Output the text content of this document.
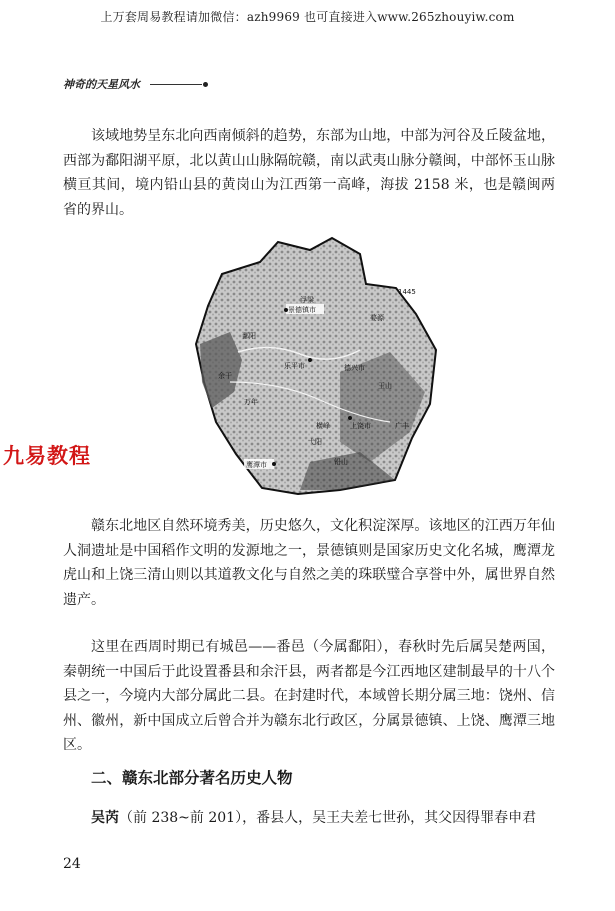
上万套周易教程请加微信：azh9969 也可直接进入www.265zhouyiw.com
神奇的天星风水

该域地势呈东北向西南倾斜的趋势，东部为山地，中部为河谷及丘陵盆地，西部为鄱阳湖平原，北以黄山山脉隔皖赣，南以武夷山脉分赣闽，中部怀玉山脉横亘其间，境内铅山县的黄岗山为江西第一高峰，海拔 2158 米，也是赣闽两省的界山。

浮梁
景德镇市
婺源
1445
鄱阳
乐平市	德兴市
万年
余干
玉山
上饶市	广丰
横峰
弋阳
鹰潭市	铅山
九易教程

赣东北地区自然环境秀美，历史悠久，文化积淀深厚。该地区的江西万年仙人洞遗址是中国稻作文明的发源地之一，景德镇则是国家历史文化名城，鹰潭龙虎山和上饶三清山则以其道教文化与自然之美的珠联璧合享誉中外，属世界自然遗产。

这里在西周时期已有城邑——番邑（今属鄱阳），春秋时先后属吴楚两国，秦朝统一中国后于此设置番县和余汗县，两者都是今江西地区建制最早的十八个县之一，今境内大部分属此二县。在封建时代，本域曾长期分属三地：饶州、信州、徽州，新中国成立后曾合并为赣东北行政区，分属景德镇、上饶、鹰潭三地区。

二、赣东北部分著名历史人物

吴芮（前 238~前 201），番县人，吴王夫差七世孙，其父因得罪春申君

24
